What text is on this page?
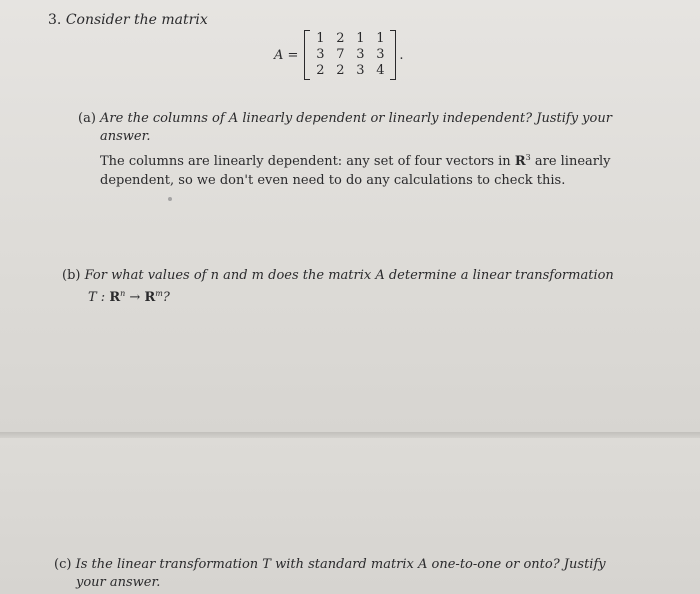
3. Consider the matrix
A =
1 2 1 1
3 7 3 3
2 2 3 4
.
(a) Are the columns of A linearly dependent or linearly independent? Justify your
answer.
The columns are linearly dependent: any set of four vectors in $R^3$ are linearly
dependent, so we don't even need to do any calculations to check this.
(b) For what values of n and m does the matrix A determine a linear transformation
T : $R^n \to R^m$?
(c) Is the linear transformation T with standard matrix A one-to-one or onto? Justify
your answer.
